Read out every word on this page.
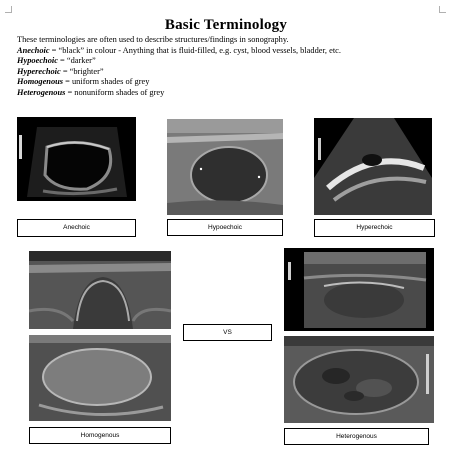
Basic Terminology
These terminologies are often used to describe structures/findings in sonography.
Anechoic = “black” in colour - Anything that is fluid-filled, e.g. cyst, blood vessels, bladder, etc.
Hypoechoic = “darker”
Hyperechoic = “brighter”
Homogenous = uniform shades of grey
Heterogenous = nonuniform shades of grey
Anechoic	Hypoechoic	Hyperechoic
VS
Homogenous	Heterogenous
